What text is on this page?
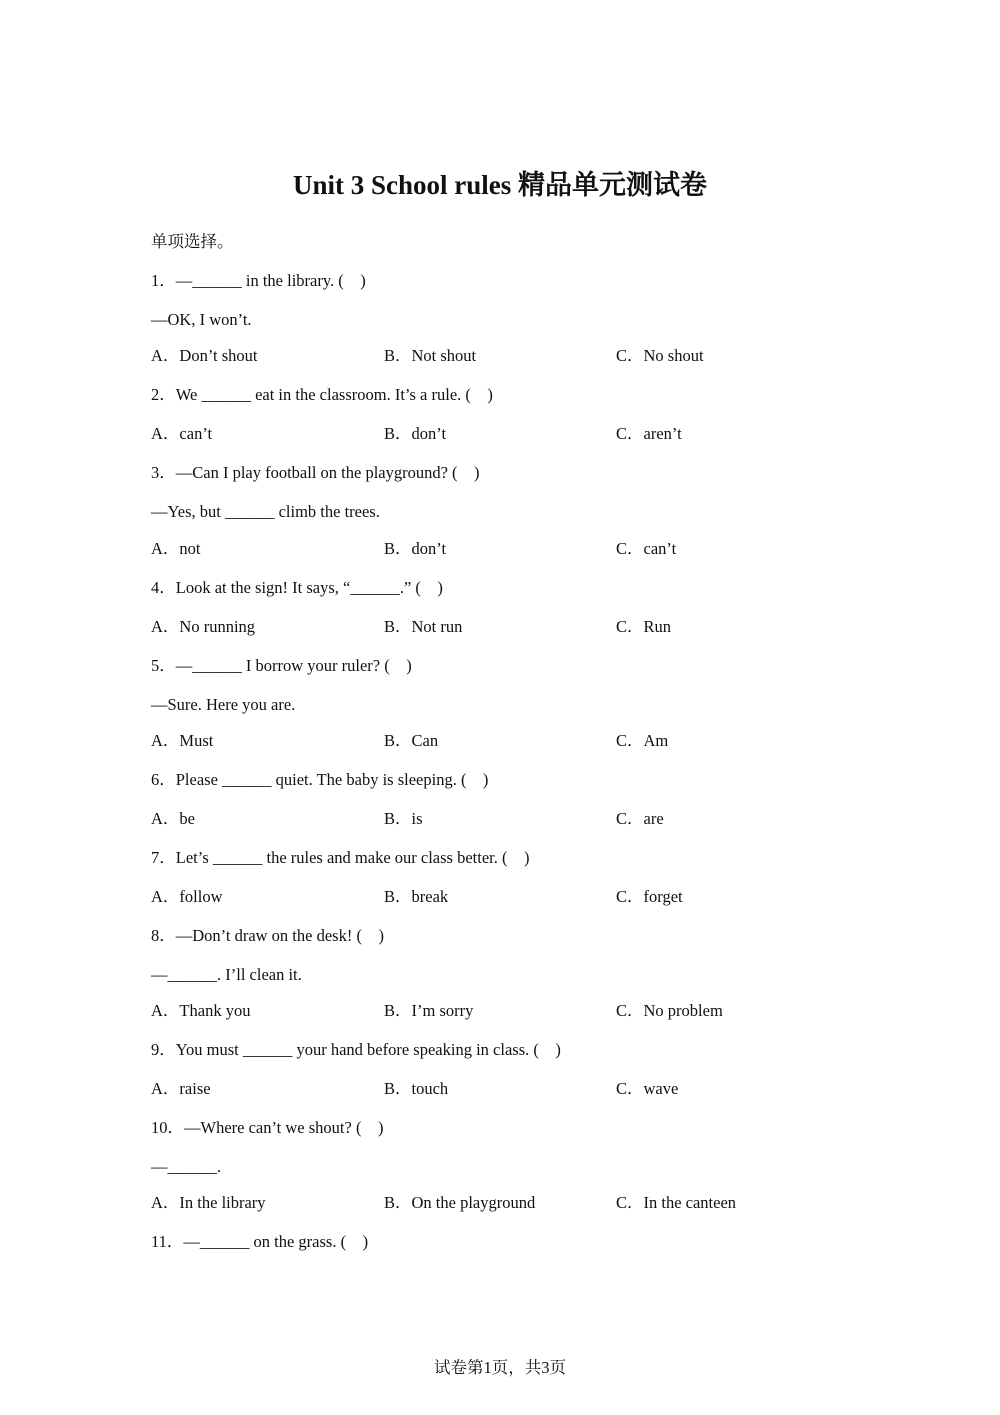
Unit 3 School rules 精品单元测试卷
单项选择。
1．—______ in the library. (　)
—OK, I won’t.
A．Don’t shout	B．Not shout	C．No shout
2．We ______ eat in the classroom. It’s a rule. (　)
A．can’t	B．don’t	C．aren’t
3．—Can I play football on the playground? (　)
—Yes, but ______ climb the trees.
A．not	B．don’t	C．can’t
4．Look at the sign! It says, “______.” (　)
A．No running	B．Not run	C．Run
5．—______ I borrow your ruler? (　)
—Sure. Here you are.
A．Must	B．Can	C．Am
6．Please ______ quiet. The baby is sleeping. (　)
A．be	B．is	C．are
7．Let’s ______ the rules and make our class better. (　)
A．follow	B．break	C．forget
8．—Don’t draw on the desk! (　)
—______. I’ll clean it.
A．Thank you	B．I’m sorry	C．No problem
9．You must ______ your hand before speaking in class. (　)
A．raise	B．touch	C．wave
10．—Where can’t we shout? (　)
—______.
A．In the library	B．On the playground	C．In the canteen
11．—______ on the grass. (　)
试卷第1页，共3页
